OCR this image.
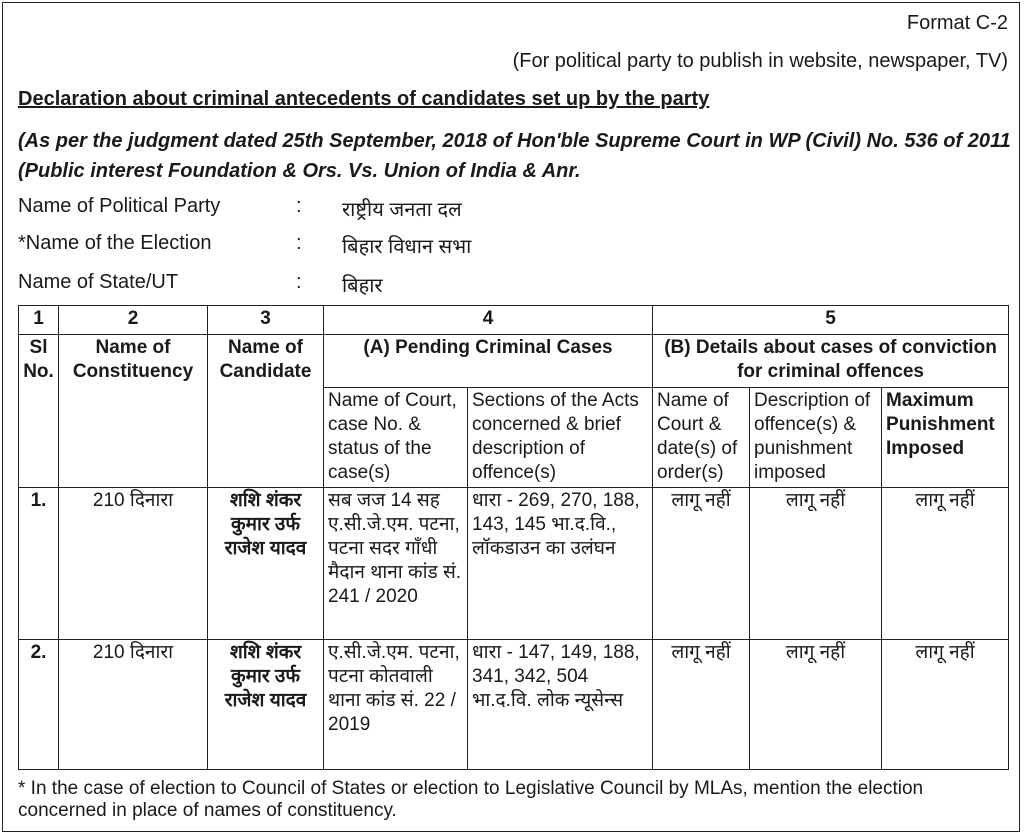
Format C-2
(For political party to publish in website, newspaper, TV)
Declaration about criminal antecedents of candidates set up by the party
(As per the judgment dated 25th September, 2018 of Hon'ble Supreme Court in WP (Civil) No. 536 of 2011 (Public interest Foundation & Ors. Vs. Union of India & Anr.
Name of Political Party	: राष्ट्रीय जनता दल
*Name of the Election	: बिहार विधान सभा
Name of State/UT	: बिहार
1	2	3	4		5		
Sl No.	Name of Constituency	Name of Candidate	(A) Pending Criminal Cases		(B) Details about cases of conviction for criminal offences		
			Name of Court, case No. & status of the case(s)	Sections of the Acts concerned & brief description of offence(s)	Name of Court & date(s) of order(s)	Description of offence(s) & punishment imposed	Maximum Punishment Imposed
1.	210 दिनारा	शशि शंकर कुमार उर्फ राजेश यादव	सब जज 14 सह ए.सी.जे.एम. पटना, पटना सदर गाँधी मैदान थाना कांड सं. 241 / 2020	धारा - 269, 270, 188, 143, 145 भा.द.वि., लॉकडाउन का उलंघन	लागू नहीं	लागू नहीं	लागू नहीं
2.	210 दिनारा	शशि शंकर कुमार उर्फ राजेश यादव	ए.सी.जे.एम. पटना, पटना कोतवाली थाना कांड सं. 22 / 2019	धारा - 147, 149, 188, 341, 342, 504 भा.द.वि. लोक न्यूसेन्स	लागू नहीं	लागू नहीं	लागू नहीं
* In the case of election to Council of States or election to Legislative Council by MLAs, mention the election concerned in place of names of constituency.
